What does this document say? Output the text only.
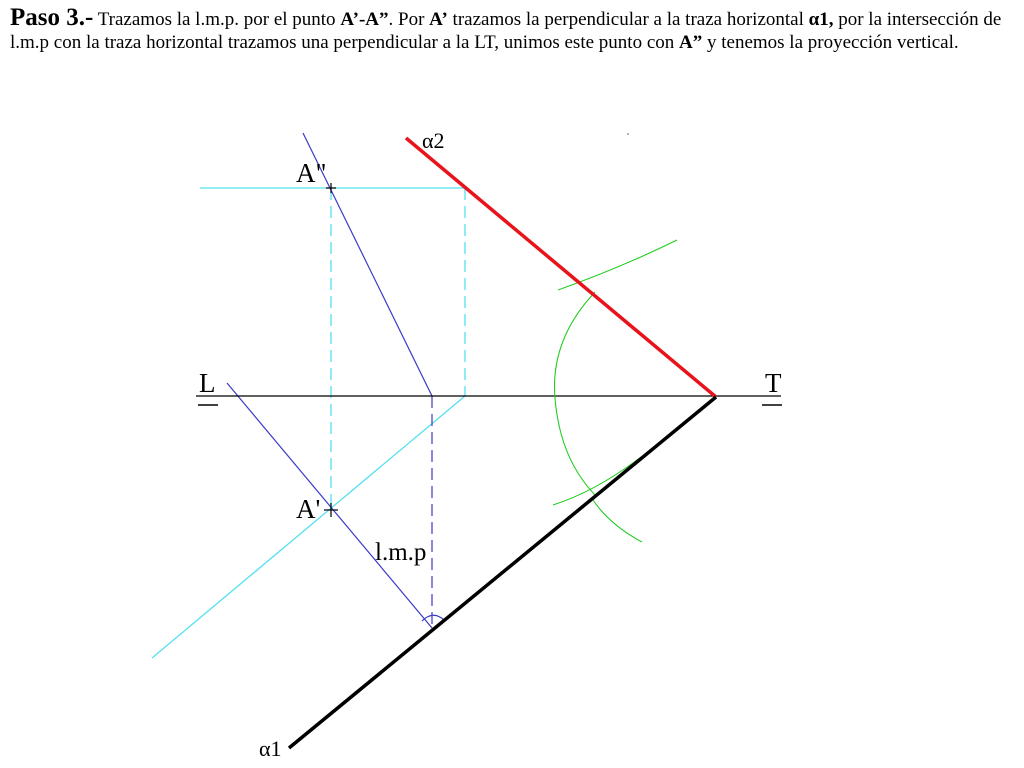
Paso 3.- Trazamos la l.m.p. por el punto A’-A”. Por A’ trazamos la perpendicular a la traza horizontal α1, por la intersección de l.m.p con la traza horizontal trazamos una perpendicular a la LT, unimos este punto con A” y tenemos la proyección vertical.
α2
α1
L	T
A"
A'
l.m.p
